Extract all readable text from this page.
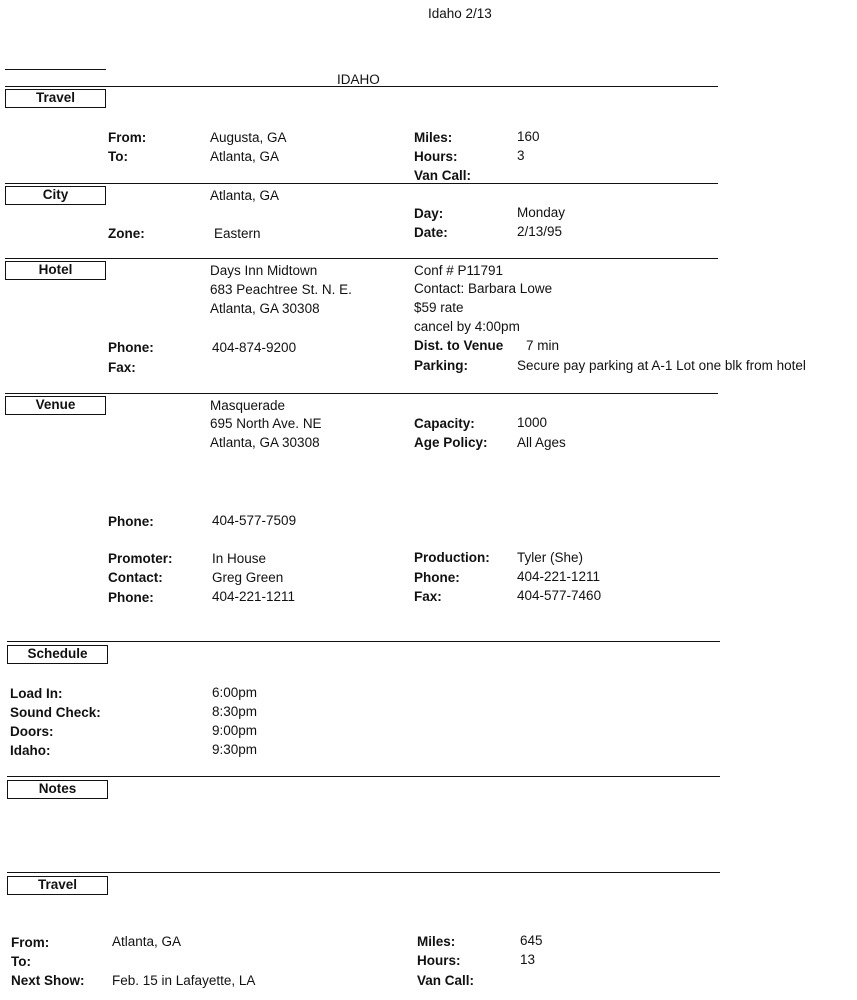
Idaho 2/13
IDAHO
Travel
From:	Augusta, GA
To:	Atlanta, GA
Miles:	160
Hours:	3
Van Call:
City	Atlanta, GA
Day:	Monday
Zone:	Eastern	Date:	2/13/95
Hotel	Days Inn Midtown
683 Peachtree St. N. E.
Atlanta, GA 30308
Conf # P11791
Contact: Barbara Lowe
$59 rate
cancel by 4:00pm
Phone:	404-874-9200
Fax:
Dist. to Venue	7 min
Parking:	Secure pay parking at A-1 Lot one blk from hotel
Venue	Masquerade
695 North Ave. NE
Atlanta, GA 30308
Capacity:	1000
Age Policy: All Ages
Phone:	404-577-7509
Promoter:	In House
Contact:	Greg Green
Phone:	404-221-1211
Production: Tyler (She)
Phone:	404-221-1211
Fax:	404-577-7460
Schedule
Load In:	6:00pm
Sound Check:	8:30pm
Doors:	9:00pm
Idaho:	9:30pm
Notes
Travel
From:	Atlanta, GA
To:
Next Show: Feb. 15 in Lafayette, LA
Miles:	645
Hours:	13
Van Call:
